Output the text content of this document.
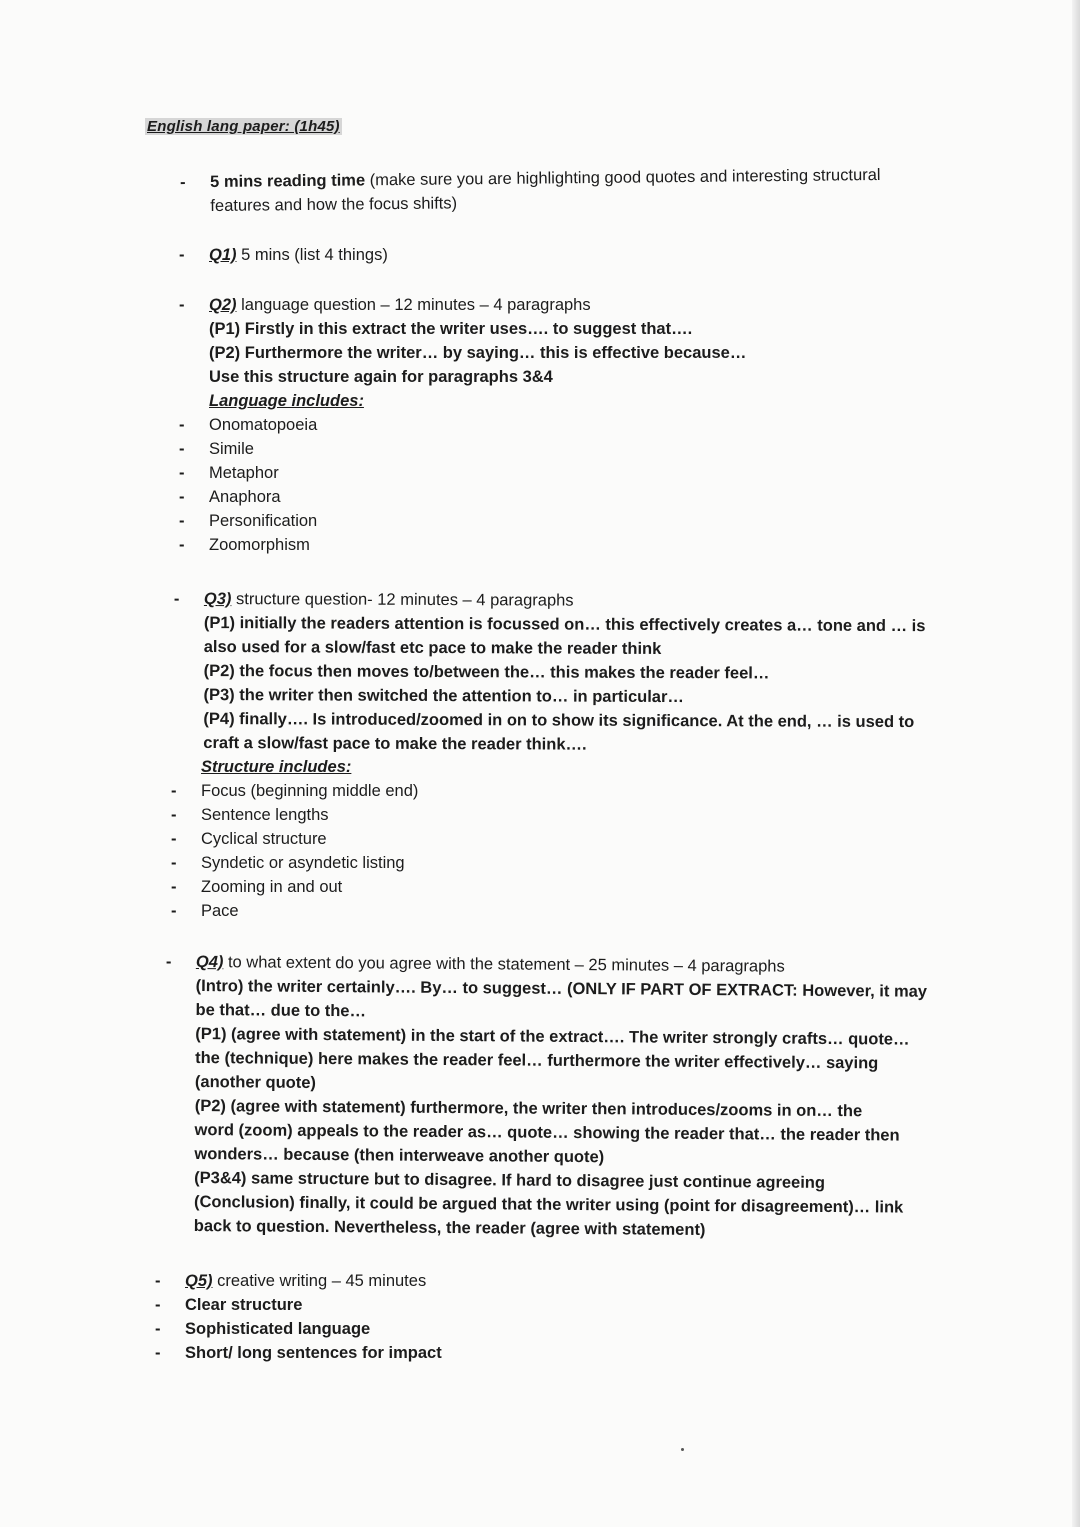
English lang paper: (1h45)
- 5 mins reading time (make sure you are highlighting good quotes and interesting structural
features and how the focus shifts)
- Q1) 5 mins (list 4 things)
- Q2) language question – 12 minutes – 4 paragraphs
(P1) Firstly in this extract the writer uses…. to suggest that….
(P2) Furthermore the writer… by saying… this is effective because…
Use this structure again for paragraphs 3&4
Language includes:
- Onomatopoeia
- Simile
- Metaphor
- Anaphora
- Personification
- Zoomorphism
- Q3) structure question- 12 minutes – 4 paragraphs
(P1) initially the readers attention is focussed on… this effectively creates a… tone and … is
also used for a slow/fast etc pace to make the reader think
(P2) the focus then moves to/between the… this makes the reader feel…
(P3) the writer then switched the attention to… in particular…
(P4) finally…. Is introduced/zoomed in on to show its significance. At the end, … is used to
craft a slow/fast pace to make the reader think….
Structure includes:
- Focus (beginning middle end)
- Sentence lengths
- Cyclical structure
- Syndetic or asyndetic listing
- Zooming in and out
- Pace
- Q4) to what extent do you agree with the statement – 25 minutes – 4 paragraphs
(Intro) the writer certainly…. By… to suggest… (ONLY IF PART OF EXTRACT: However, it may
be that… due to the…
(P1) (agree with statement) in the start of the extract…. The writer strongly crafts… quote…
the (technique) here makes the reader feel… furthermore the writer effectively… saying
(another quote)
(P2) (agree with statement) furthermore, the writer then introduces/zooms in on… the
word (zoom) appeals to the reader as… quote… showing the reader that… the reader then
wonders… because (then interweave another quote)
(P3&4) same structure but to disagree. If hard to disagree just continue agreeing
(Conclusion) finally, it could be argued that the writer using (point for disagreement)… link
back to question. Nevertheless, the reader (agree with statement)
- Q5) creative writing – 45 minutes
- Clear structure
- Sophisticated language
- Short/ long sentences for impact
